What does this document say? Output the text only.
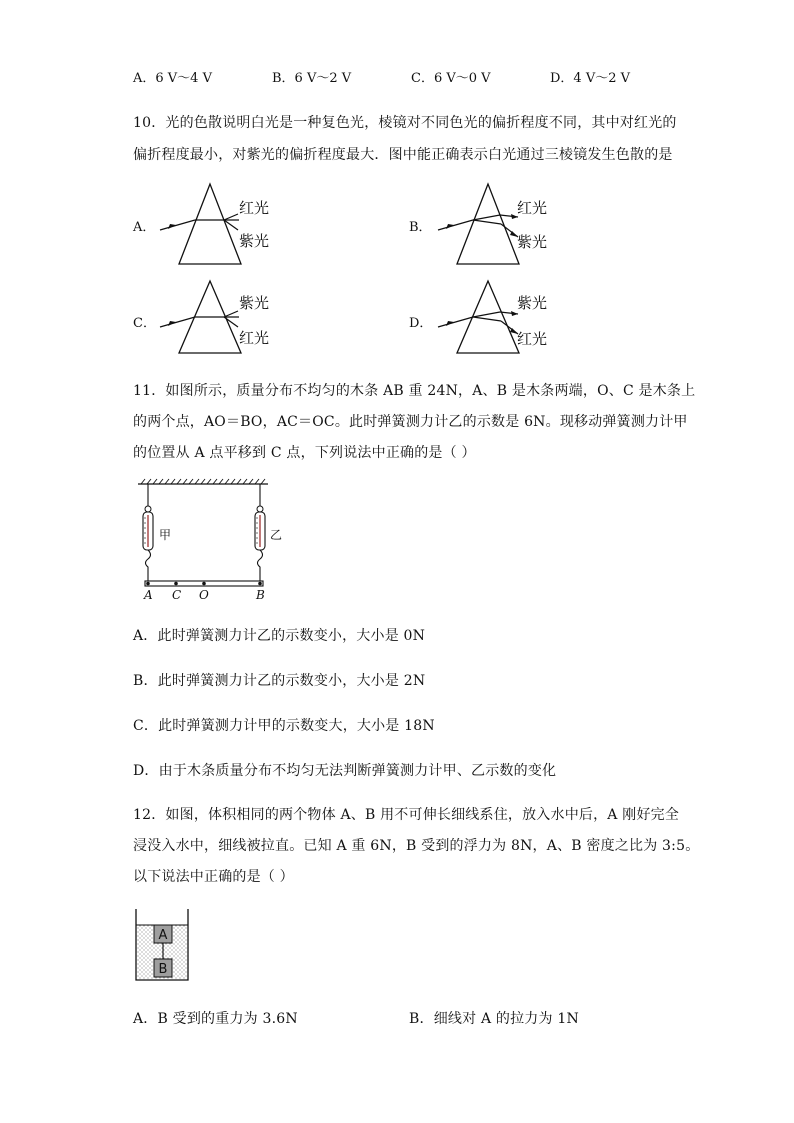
A．6 V～4 V	B．6 V～2 V	C．6 V～0 V	D．4 V～2 V
10．光的色散说明白光是一种复色光，棱镜对不同色光的偏折程度不同，其中对红光的
偏折程度最小，对紫光的偏折程度最大．图中能正确表示白光通过三棱镜发生色散的是
A．
红光
紫光
B．
红光
紫光
C．
紫光
红光
D．
紫光
红光
11．如图所示，质量分布不均匀的木条 AB 重 24N，A、B 是木条两端，O、C 是木条上
的两个点，AO＝BO，AC＝OC。此时弹簧测力计乙的示数是 6N。现移动弹簧测力计甲
的位置从 A 点平移到 C 点，下列说法中正确的是（ ）
甲	乙
A C O	B
A．此时弹簧测力计乙的示数变小，大小是 0N
B．此时弹簧测力计乙的示数变小，大小是 2N
C．此时弹簧测力计甲的示数变大，大小是 18N
D．由于木条质量分布不均匀无法判断弹簧测力计甲、乙示数的变化
12．如图，体积相同的两个物体 A、B 用不可伸长细线系住，放入水中后，A 刚好完全
浸没入水中，细线被拉直。已知 A 重 6N，B 受到的浮力为 8N，A、B 密度之比为 3:5。
以下说法中正确的是（ ）
A
B
A．B 受到的重力为 3.6N	B．细线对 A 的拉力为 1N
